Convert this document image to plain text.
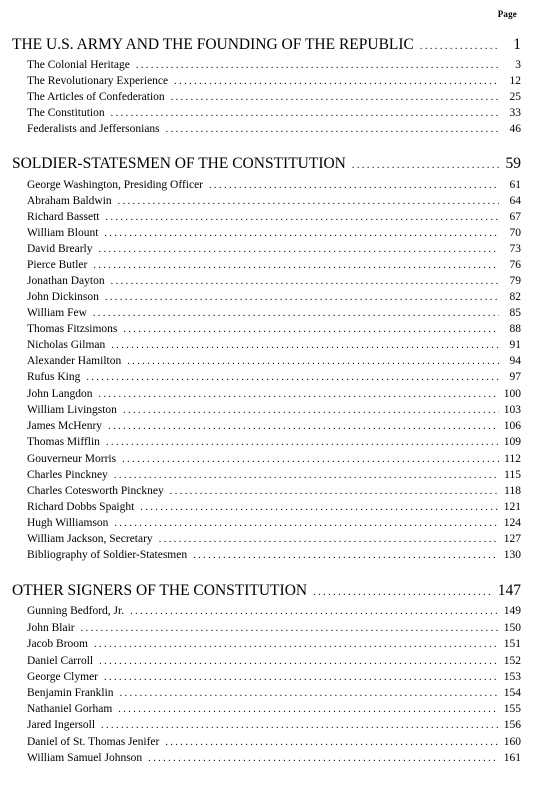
Page
THE U.S. ARMY AND THE FOUNDING OF THE REPUBLIC . . .	1
The Colonial Heritage . . .	3
The Revolutionary Experience . . .	12
The Articles of Confederation . . .	25
The Constitution . . .	33
Federalists and Jeffersonians . . .	46
SOLDIER-STATESMEN OF THE CONSTITUTION . . .	59
George Washington, Presiding Officer . . .	61
Abraham Baldwin . . .	64
Richard Bassett . . .	67
William Blount . . .	70
David Brearly . . .	73
Pierce Butler . . .	76
Jonathan Dayton . . .	79
John Dickinson . . .	82
William Few . . .	85
Thomas Fitzsimons . . .	88
Nicholas Gilman . . .	91
Alexander Hamilton . . .	94
Rufus King . . .	97
John Langdon . . .	100
William Livingston . . .	103
James McHenry . . .	106
Thomas Mifflin . . .	109
Gouverneur Morris . . .	112
Charles Pinckney . . .	115
Charles Cotesworth Pinckney . . .	118
Richard Dobbs Spaight . . .	121
Hugh Williamson . . .	124
William Jackson, Secretary . . .	127
Bibliography of Soldier-Statesmen . . .	130
OTHER SIGNERS OF THE CONSTITUTION . . .	147
Gunning Bedford, Jr. . . .	149
John Blair . . .	150
Jacob Broom . . .	151
Daniel Carroll . . .	152
George Clymer . . .	153
Benjamin Franklin . . .	154
Nathaniel Gorham . . .	155
Jared Ingersoll . . .	156
Daniel of St. Thomas Jenifer . . .	160
William Samuel Johnson . . .	161
